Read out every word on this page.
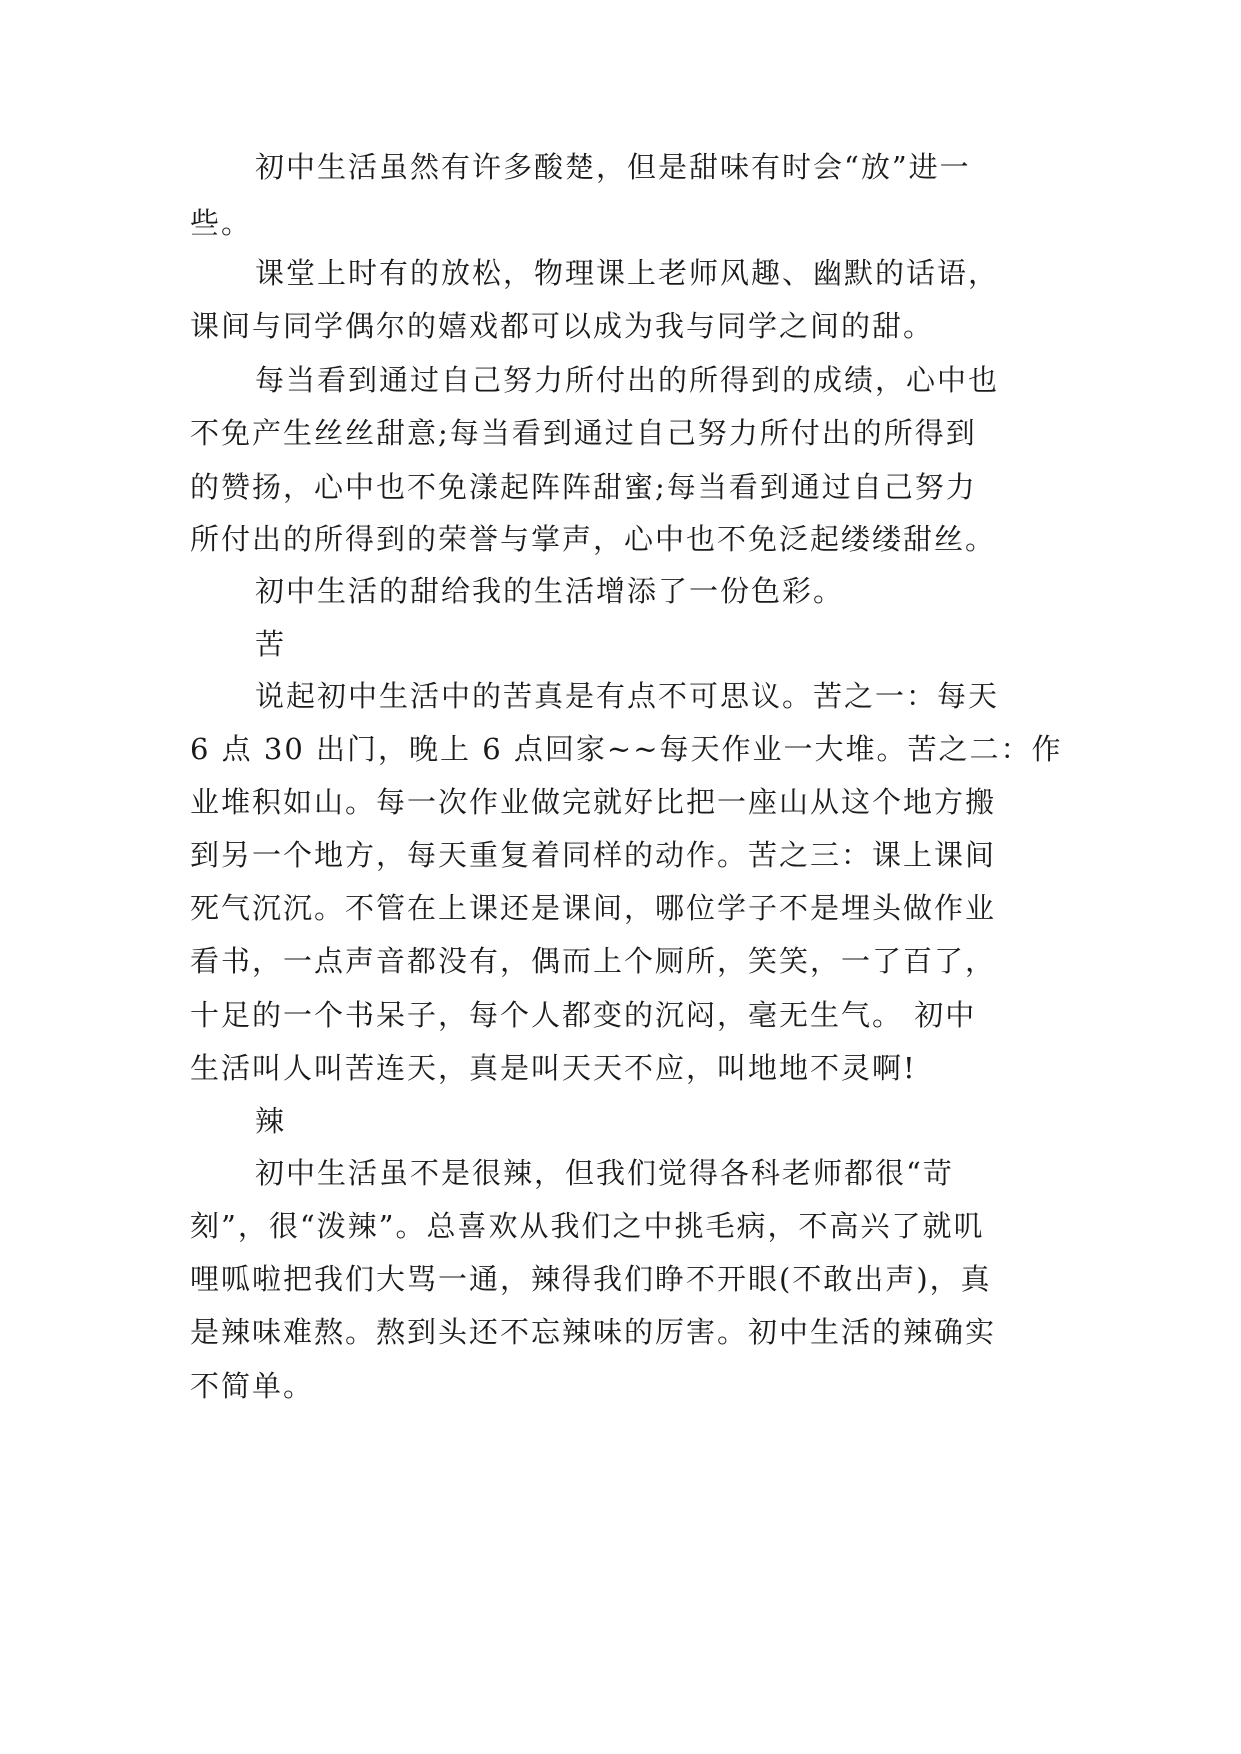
初中生活虽然有许多酸楚，但是甜味有时会“放”进一
些。
课堂上时有的放松，物理课上老师风趣、幽默的话语，
课间与同学偶尔的嬉戏都可以成为我与同学之间的甜。
每当看到通过自己努力所付出的所得到的成绩，心中也
不免产生丝丝甜意;每当看到通过自己努力所付出的所得到
的赞扬，心中也不免漾起阵阵甜蜜;每当看到通过自己努力
所付出的所得到的荣誉与掌声，心中也不免泛起缕缕甜丝。
初中生活的甜给我的生活增添了一份色彩。
苦
说起初中生活中的苦真是有点不可思议。苦之一：每天
6 点 30 出门，晚上 6 点回家~~每天作业一大堆。苦之二：作
业堆积如山。每一次作业做完就好比把一座山从这个地方搬
到另一个地方，每天重复着同样的动作。苦之三：课上课间
死气沉沉。不管在上课还是课间，哪位学子不是埋头做作业
看书，一点声音都没有，偶而上个厕所，笑笑，一了百了，
十足的一个书呆子，每个人都变的沉闷，毫无生气。 初中
生活叫人叫苦连天，真是叫天天不应，叫地地不灵啊!
辣
初中生活虽不是很辣，但我们觉得各科老师都很“苛
刻”，很“泼辣”。总喜欢从我们之中挑毛病，不高兴了就叽
哩呱啦把我们大骂一通，辣得我们睁不开眼(不敢出声)，真
是辣味难熬。熬到头还不忘辣味的厉害。初中生活的辣确实
不简单。
